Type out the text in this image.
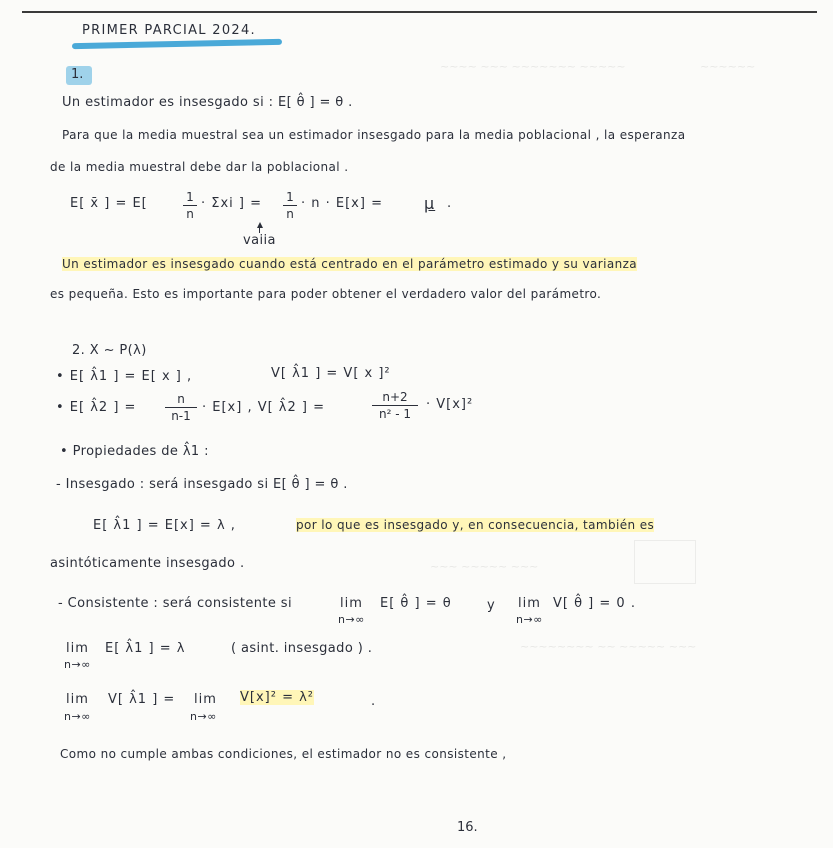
~~~~ ~~~ ~~~~~~~ ~~~~~	~~~~~~
~~~ ~~~~~ ~~~
~~~~~~~~ ~~ ~~~~~ ~~~
PRIMER PARCIAL 2024.
1.
Un estimador es insesgado si : E[ θ̂ ] = θ .
Para que la media muestral sea un estimador insesgado para la media poblacional , la esperanza
de la media muestral debe dar la poblacional .
E[ x̄ ] = E[	1
n
· Σxi ] = 1
n
· n · E[x] =	μ .
vaiia
Un estimador es insesgado cuando está centrado en el parámetro estimado y su varianza
es pequeña. Esto es importante para poder obtener el verdadero valor del parámetro.
2. X ~ P(λ)
• E[ λ̂1 ] = E[ x ] ,	V[ λ̂1 ] = V[ x ]²
• E[ λ̂2 ] =
n
n-1
· E[x] , V[ λ̂2 ] =
n+2
n² - 1
· V[x]²
• Propiedades de λ̂1 :
- Insesgado : será insesgado si E[ θ̂ ] = θ .
E[ λ̂1 ] = E[x] = λ ,	por lo que es insesgado y, en consecuencia, también es
asintóticamente insesgado .
- Consistente : será consistente si	lim
n→∞
E[ θ̂ ] = θ	y lim
n→∞
V[ θ̂ ] = 0 .
lim
n→∞
E[ λ̂1 ] = λ	( asint. insesgado ) .
lim
n→∞
V[ λ̂1 ] = lim
n→∞
V[x]² = λ²	.
Como no cumple ambas condiciones, el estimador no es consistente ,
16.
